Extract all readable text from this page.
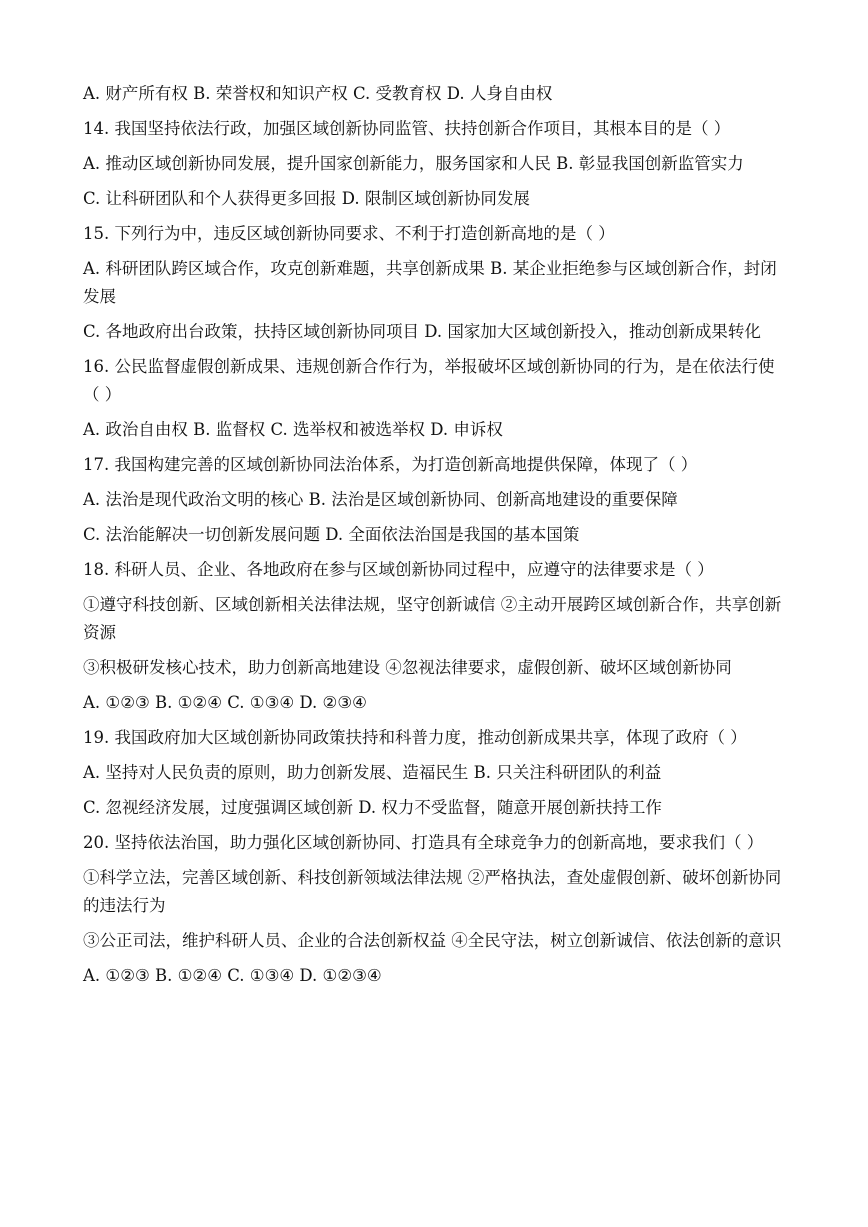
A. 财产所有权 B. 荣誉权和知识产权 C. 受教育权 D. 人身自由权

14. 我国坚持依法行政，加强区域创新协同监管、扶持创新合作项目，其根本目的是（ ）

A. 推动区域创新协同发展，提升国家创新能力，服务国家和人民 B. 彰显我国创新监管实力

C. 让科研团队和个人获得更多回报 D. 限制区域创新协同发展

15. 下列行为中，违反区域创新协同要求、不利于打造创新高地的是（ ）

A. 科研团队跨区域合作，攻克创新难题，共享创新成果 B. 某企业拒绝参与区域创新合作，封闭发展

C. 各地政府出台政策，扶持区域创新协同项目 D. 国家加大区域创新投入，推动创新成果转化

16. 公民监督虚假创新成果、违规创新合作行为，举报破坏区域创新协同的行为，是在依法行使（ ）

A. 政治自由权 B. 监督权 C. 选举权和被选举权 D. 申诉权

17. 我国构建完善的区域创新协同法治体系，为打造创新高地提供保障，体现了（ ）

A. 法治是现代政治文明的核心 B. 法治是区域创新协同、创新高地建设的重要保障

C. 法治能解决一切创新发展问题 D. 全面依法治国是我国的基本国策

18. 科研人员、企业、各地政府在参与区域创新协同过程中，应遵守的法律要求是（ ）

①遵守科技创新、区域创新相关法律法规，坚守创新诚信 ②主动开展跨区域创新合作，共享创新资源

③积极研发核心技术，助力创新高地建设 ④忽视法律要求，虚假创新、破坏区域创新协同

A. ①②③ B. ①②④ C. ①③④ D. ②③④

19. 我国政府加大区域创新协同政策扶持和科普力度，推动创新成果共享，体现了政府（ ）

A. 坚持对人民负责的原则，助力创新发展、造福民生 B. 只关注科研团队的利益

C. 忽视经济发展，过度强调区域创新 D. 权力不受监督，随意开展创新扶持工作

20. 坚持依法治国，助力强化区域创新协同、打造具有全球竞争力的创新高地，要求我们（ ）

①科学立法，完善区域创新、科技创新领域法律法规 ②严格执法，查处虚假创新、破坏创新协同的违法行为

③公正司法，维护科研人员、企业的合法创新权益 ④全民守法，树立创新诚信、依法创新的意识

A. ①②③ B. ①②④ C. ①③④ D. ①②③④
